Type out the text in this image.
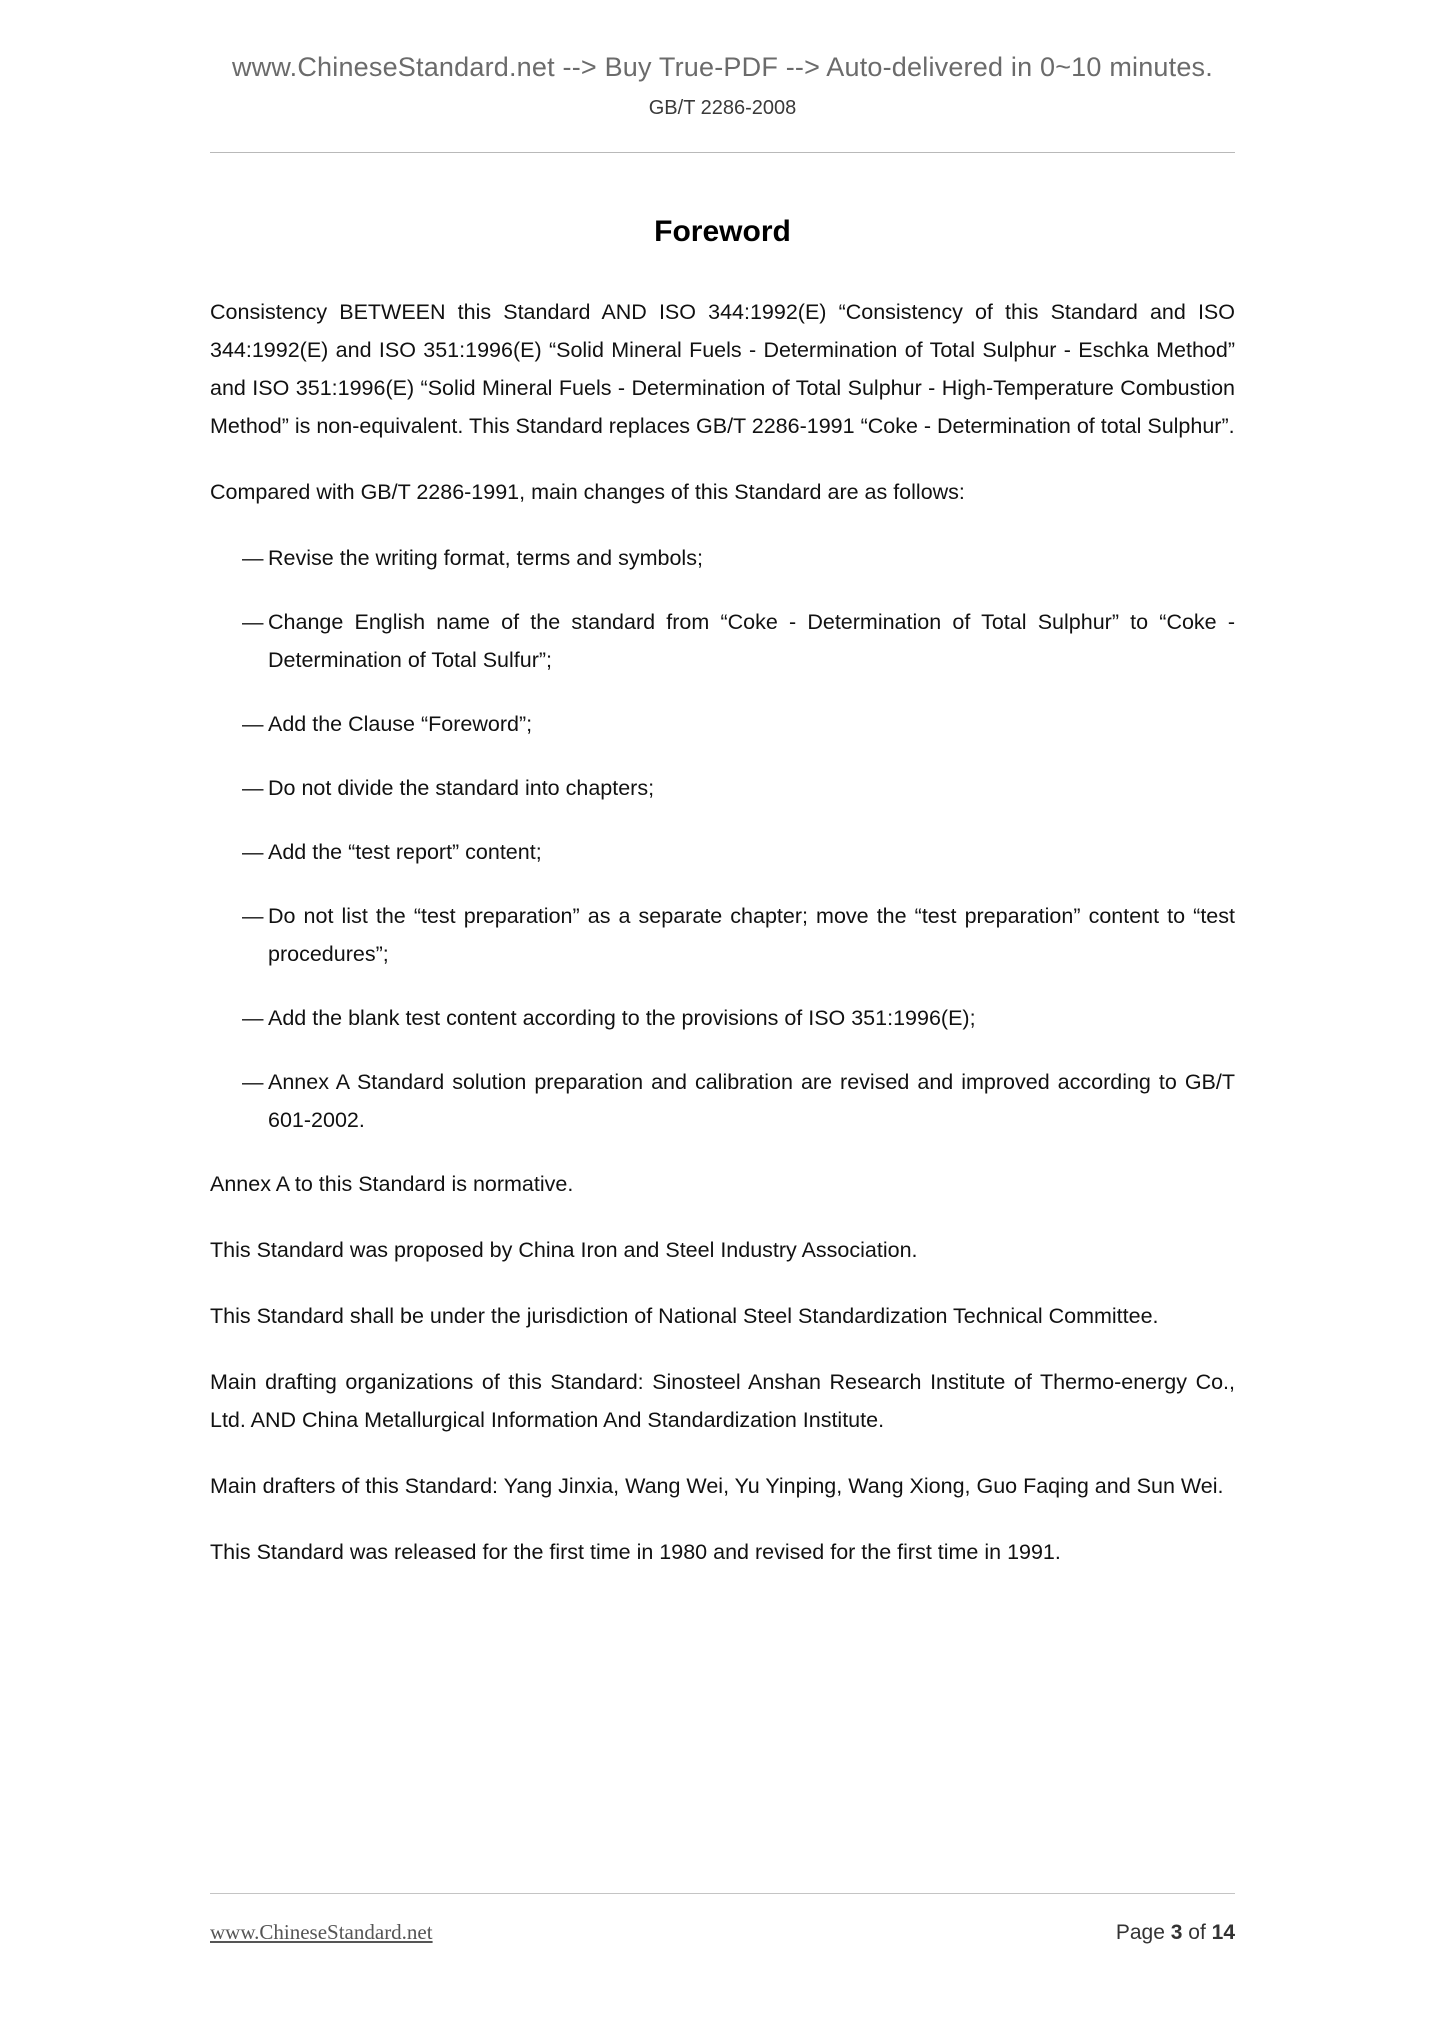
www.ChineseStandard.net --> Buy True-PDF --> Auto-delivered in 0~10 minutes.
GB/T 2286-2008
Foreword

Consistency BETWEEN this Standard AND ISO 344:1992(E) “Consistency of this Standard and ISO 344:1992(E) and ISO 351:1996(E) “Solid Mineral Fuels - Determination of Total Sulphur - Eschka Method” and ISO 351:1996(E) “Solid Mineral Fuels - Determination of Total Sulphur - High-Temperature Combustion Method” is non-equivalent. This Standard replaces GB/T 2286-1991 “Coke - Determination of total Sulphur”.

Compared with GB/T 2286-1991, main changes of this Standard are as follows:

— Revise the writing format, terms and symbols;
— Change English name of the standard from “Coke - Determination of Total Sulphur” to “Coke - Determination of Total Sulfur”;
— Add the Clause “Foreword”;
— Do not divide the standard into chapters;
— Add the “test report” content;
— Do not list the “test preparation” as a separate chapter; move the “test preparation” content to “test procedures”;
— Add the blank test content according to the provisions of ISO 351:1996(E);
— Annex A Standard solution preparation and calibration are revised and improved according to GB/T 601-2002.

Annex A to this Standard is normative.

This Standard was proposed by China Iron and Steel Industry Association.

This Standard shall be under the jurisdiction of National Steel Standardization Technical Committee.

Main drafting organizations of this Standard: Sinosteel Anshan Research Institute of Thermo-energy Co., Ltd. AND China Metallurgical Information And Standardization Institute.

Main drafters of this Standard: Yang Jinxia, Wang Wei, Yu Yinping, Wang Xiong, Guo Faqing and Sun Wei.

This Standard was released for the first time in 1980 and revised for the first time in 1991.

www.ChineseStandard.net	Page 3 of 14
